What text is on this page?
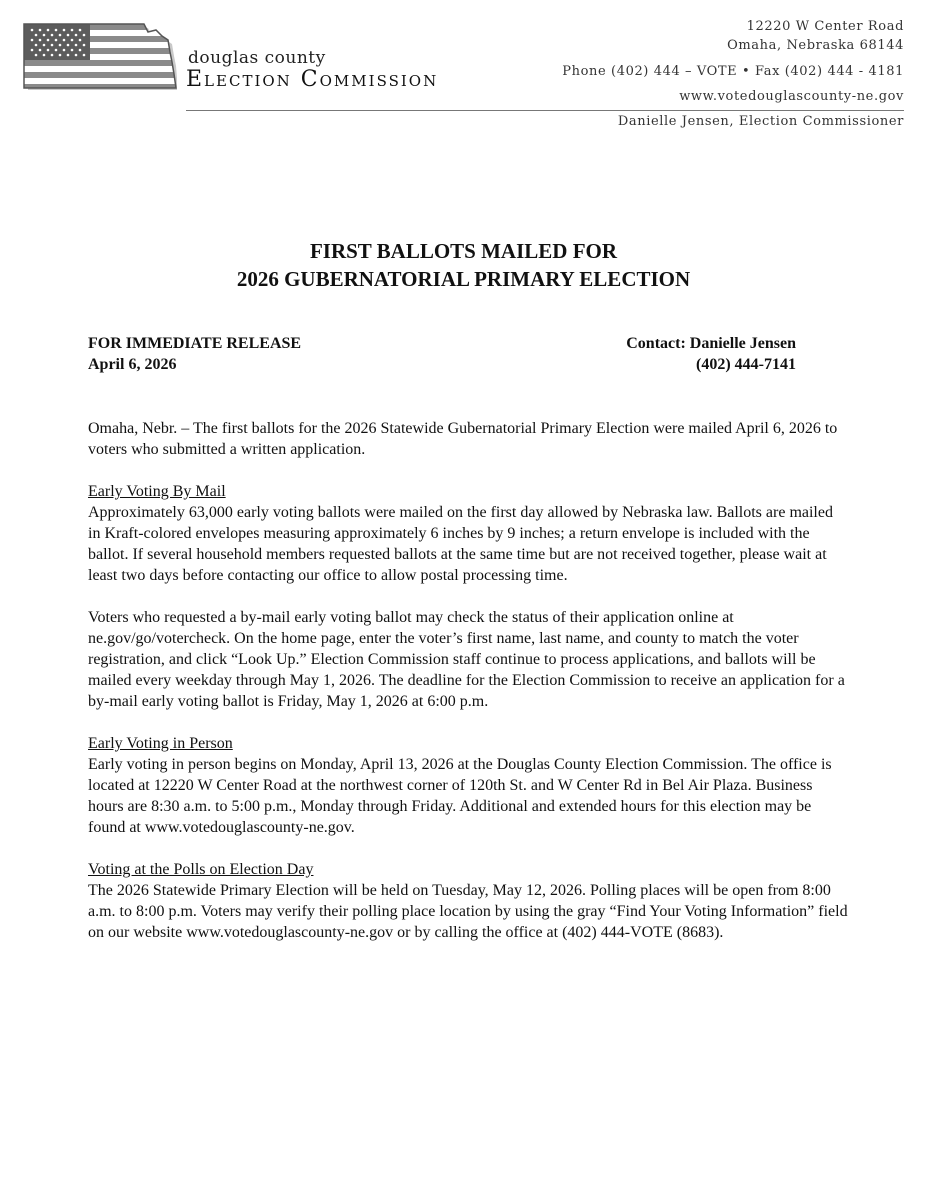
douglas county
Election Commission
12220 W Center Road
Omaha, Nebraska 68144
Phone (402) 444 – VOTE • Fax (402) 444 - 4181
www.votedouglascounty-ne.gov
Danielle Jensen, Election Commissioner
FIRST BALLOTS MAILED FOR
2026 GUBERNATORIAL PRIMARY ELECTION
FOR IMMEDIATE RELEASE
April 6, 2026
Contact: Danielle Jensen
(402) 444-7141

Omaha, Nebr. – The first ballots for the 2026 Statewide Gubernatorial Primary Election were mailed April 6, 2026 to voters who submitted a written application.

Early Voting By Mail
Approximately 63,000 early voting ballots were mailed on the first day allowed by Nebraska law. Ballots are mailed in Kraft-colored envelopes measuring approximately 6 inches by 9 inches; a return envelope is included with the ballot. If several household members requested ballots at the same time but are not received together, please wait at least two days before contacting our office to allow postal processing time.

Voters who requested a by-mail early voting ballot may check the status of their application online at ne.gov/go/votercheck. On the home page, enter the voter’s first name, last name, and county to match the voter registration, and click “Look Up.” Election Commission staff continue to process applications, and ballots will be mailed every weekday through May 1, 2026. The deadline for the Election Commission to receive an application for a by-mail early voting ballot is Friday, May 1, 2026 at 6:00 p.m.

Early Voting in Person
Early voting in person begins on Monday, April 13, 2026 at the Douglas County Election Commission. The office is located at 12220 W Center Road at the northwest corner of 120th St. and W Center Rd in Bel Air Plaza. Business hours are 8:30 a.m. to 5:00 p.m., Monday through Friday. Additional and extended hours for this election may be found at www.votedouglascounty-ne.gov.

Voting at the Polls on Election Day
The 2026 Statewide Primary Election will be held on Tuesday, May 12, 2026. Polling places will be open from 8:00 a.m. to 8:00 p.m. Voters may verify their polling place location by using the gray “Find Your Voting Information” field on our website www.votedouglascounty-ne.gov or by calling the office at (402) 444-VOTE (8683).
